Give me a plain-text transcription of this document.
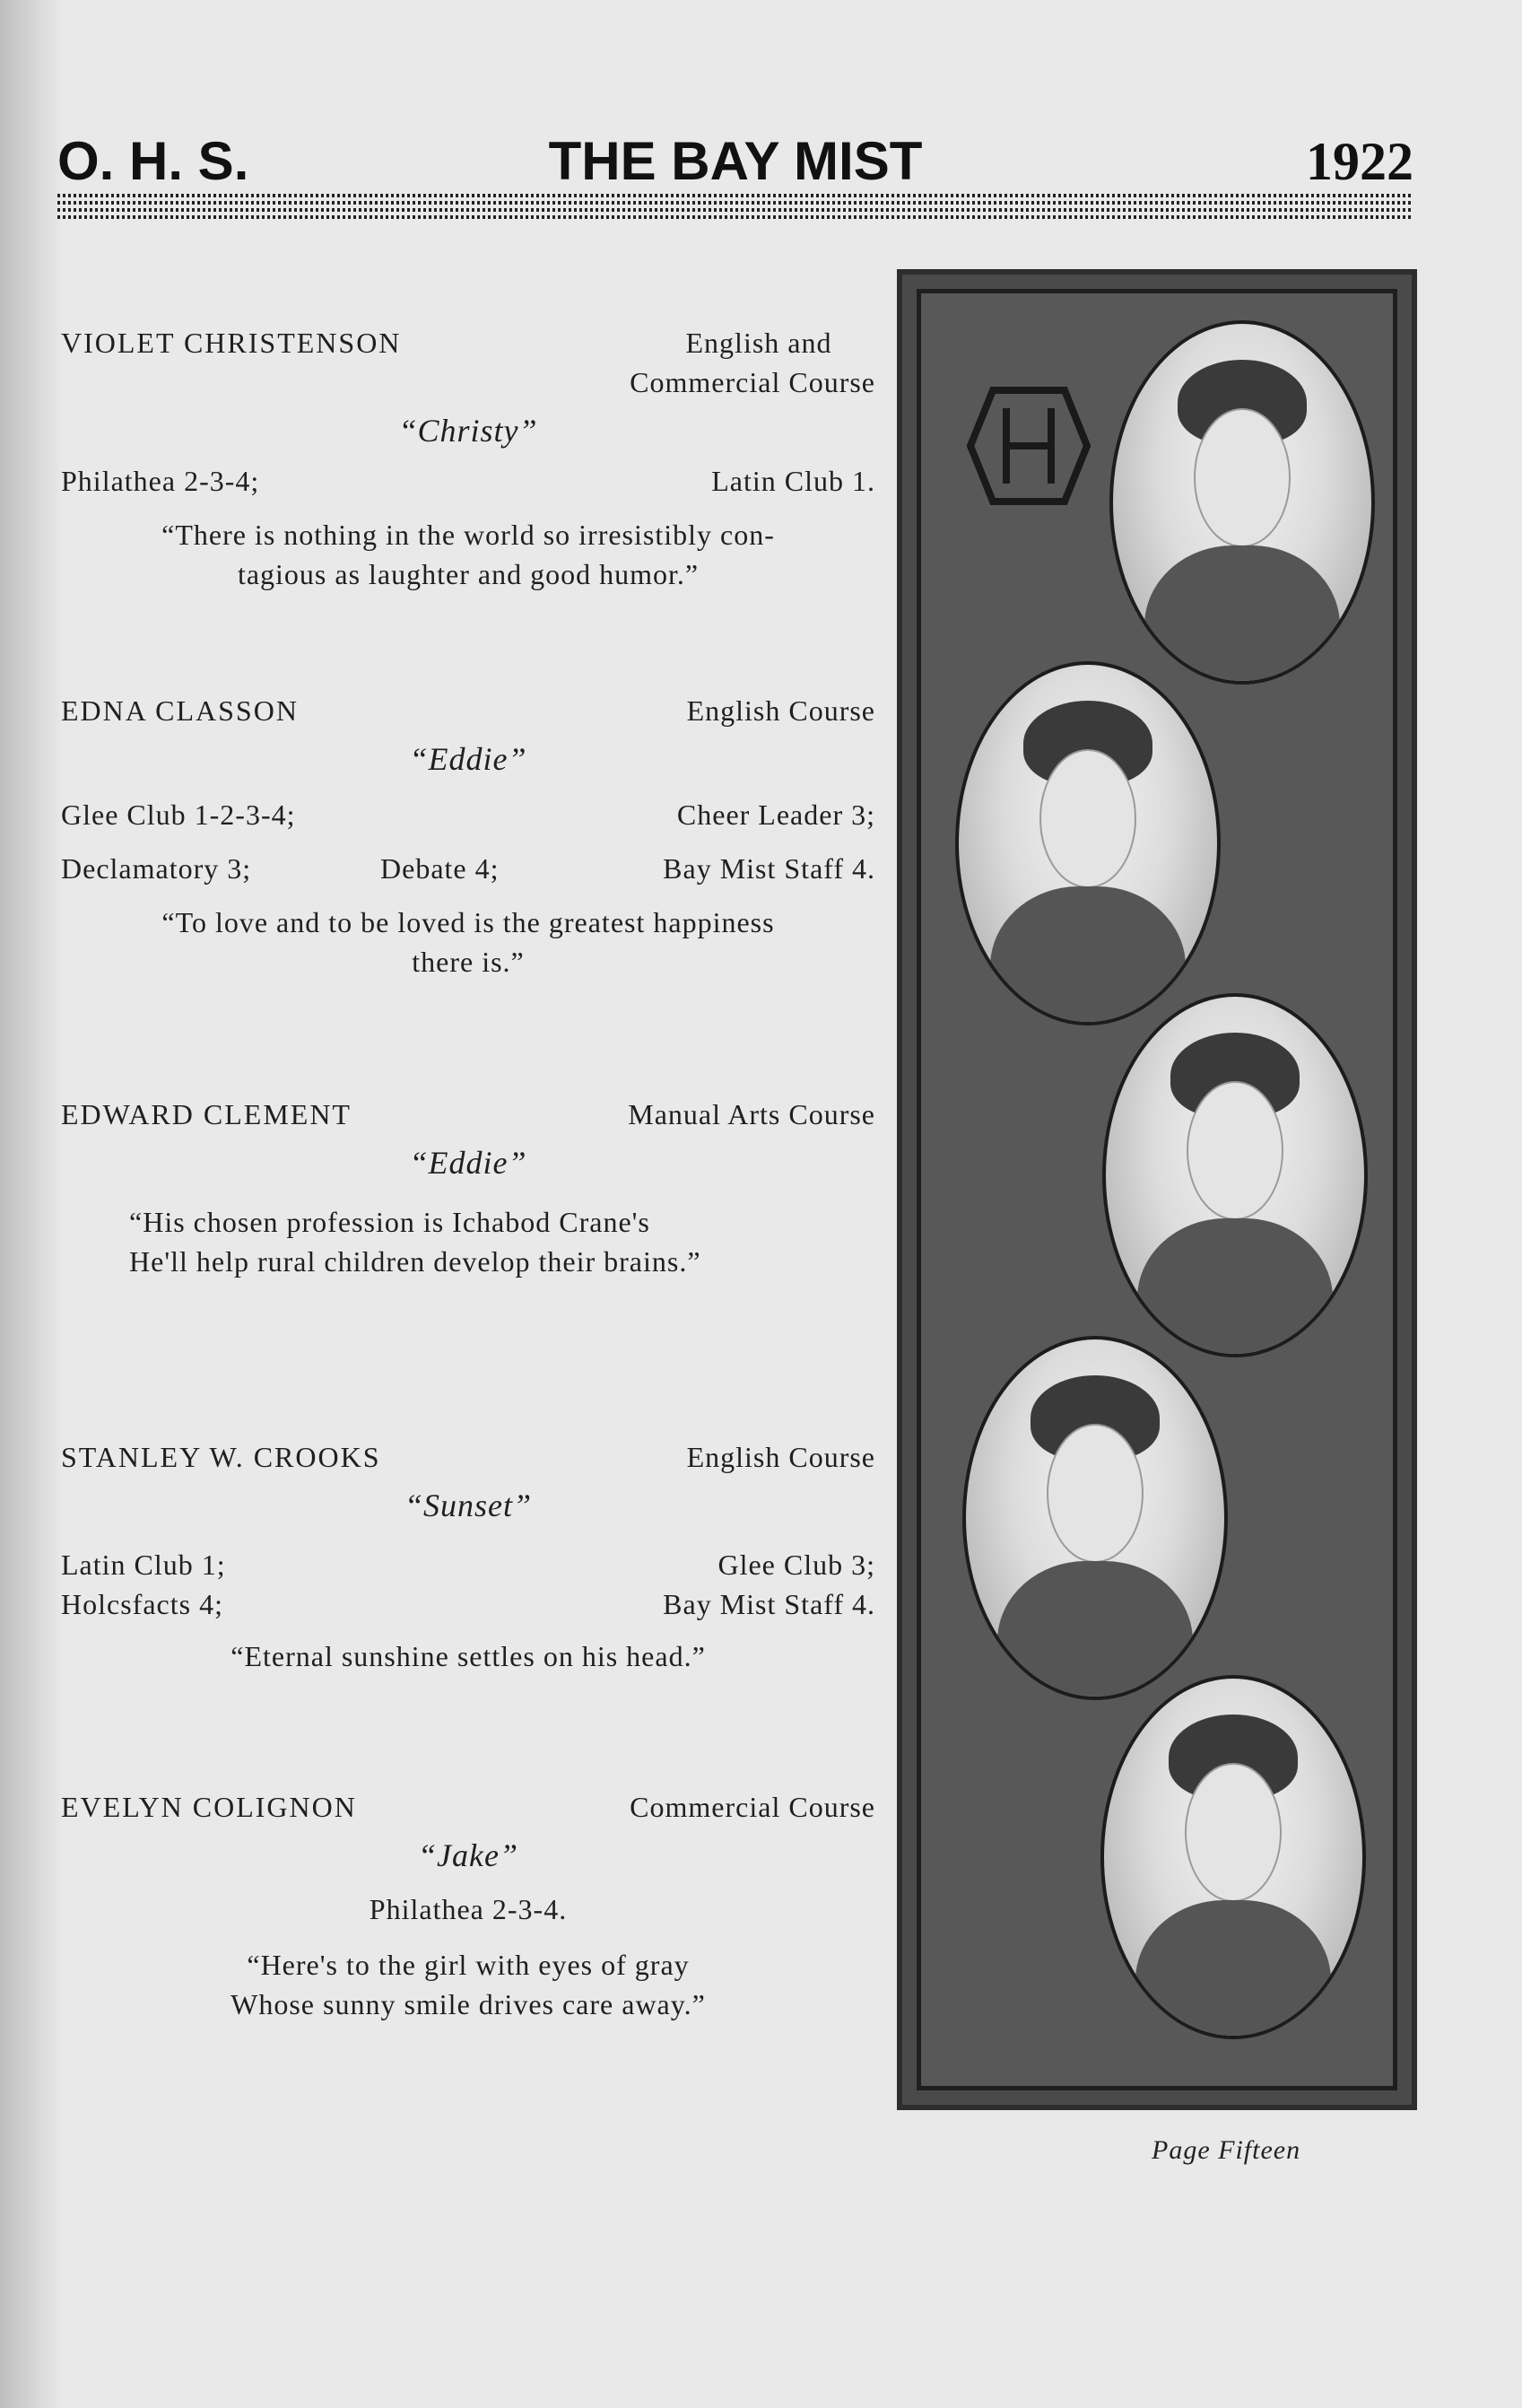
THE BAY MIST
O. H. S.	1922
VIOLET CHRISTENSON	English and
Commercial Course
“Christy”
Philathea 2-3-4;	Latin Club 1.
“There is nothing in the world so irresistibly con-
tagious as laughter and good humor.”
EDNA CLASSON	English Course
“Eddie”
Glee Club 1-2-3-4;	Cheer Leader 3;
Declamatory 3;	Debate 4;	Bay Mist Staff 4.
“To love and to be loved is the greatest happiness
there is.”
EDWARD CLEMENT	Manual Arts Course
“Eddie”
“His chosen profession is Ichabod Crane's
He'll help rural children develop their brains.”
STANLEY W. CROOKS	English Course
“Sunset”
Latin Club 1;	Glee Club 3;
Holcsfacts 4;	Bay Mist Staff 4.
“Eternal sunshine settles on his head.”
EVELYN COLIGNON	Commercial Course
“Jake”
Philathea 2-3-4.
“Here's to the girl with eyes of gray
Whose sunny smile drives care away.”
Page Fifteen
